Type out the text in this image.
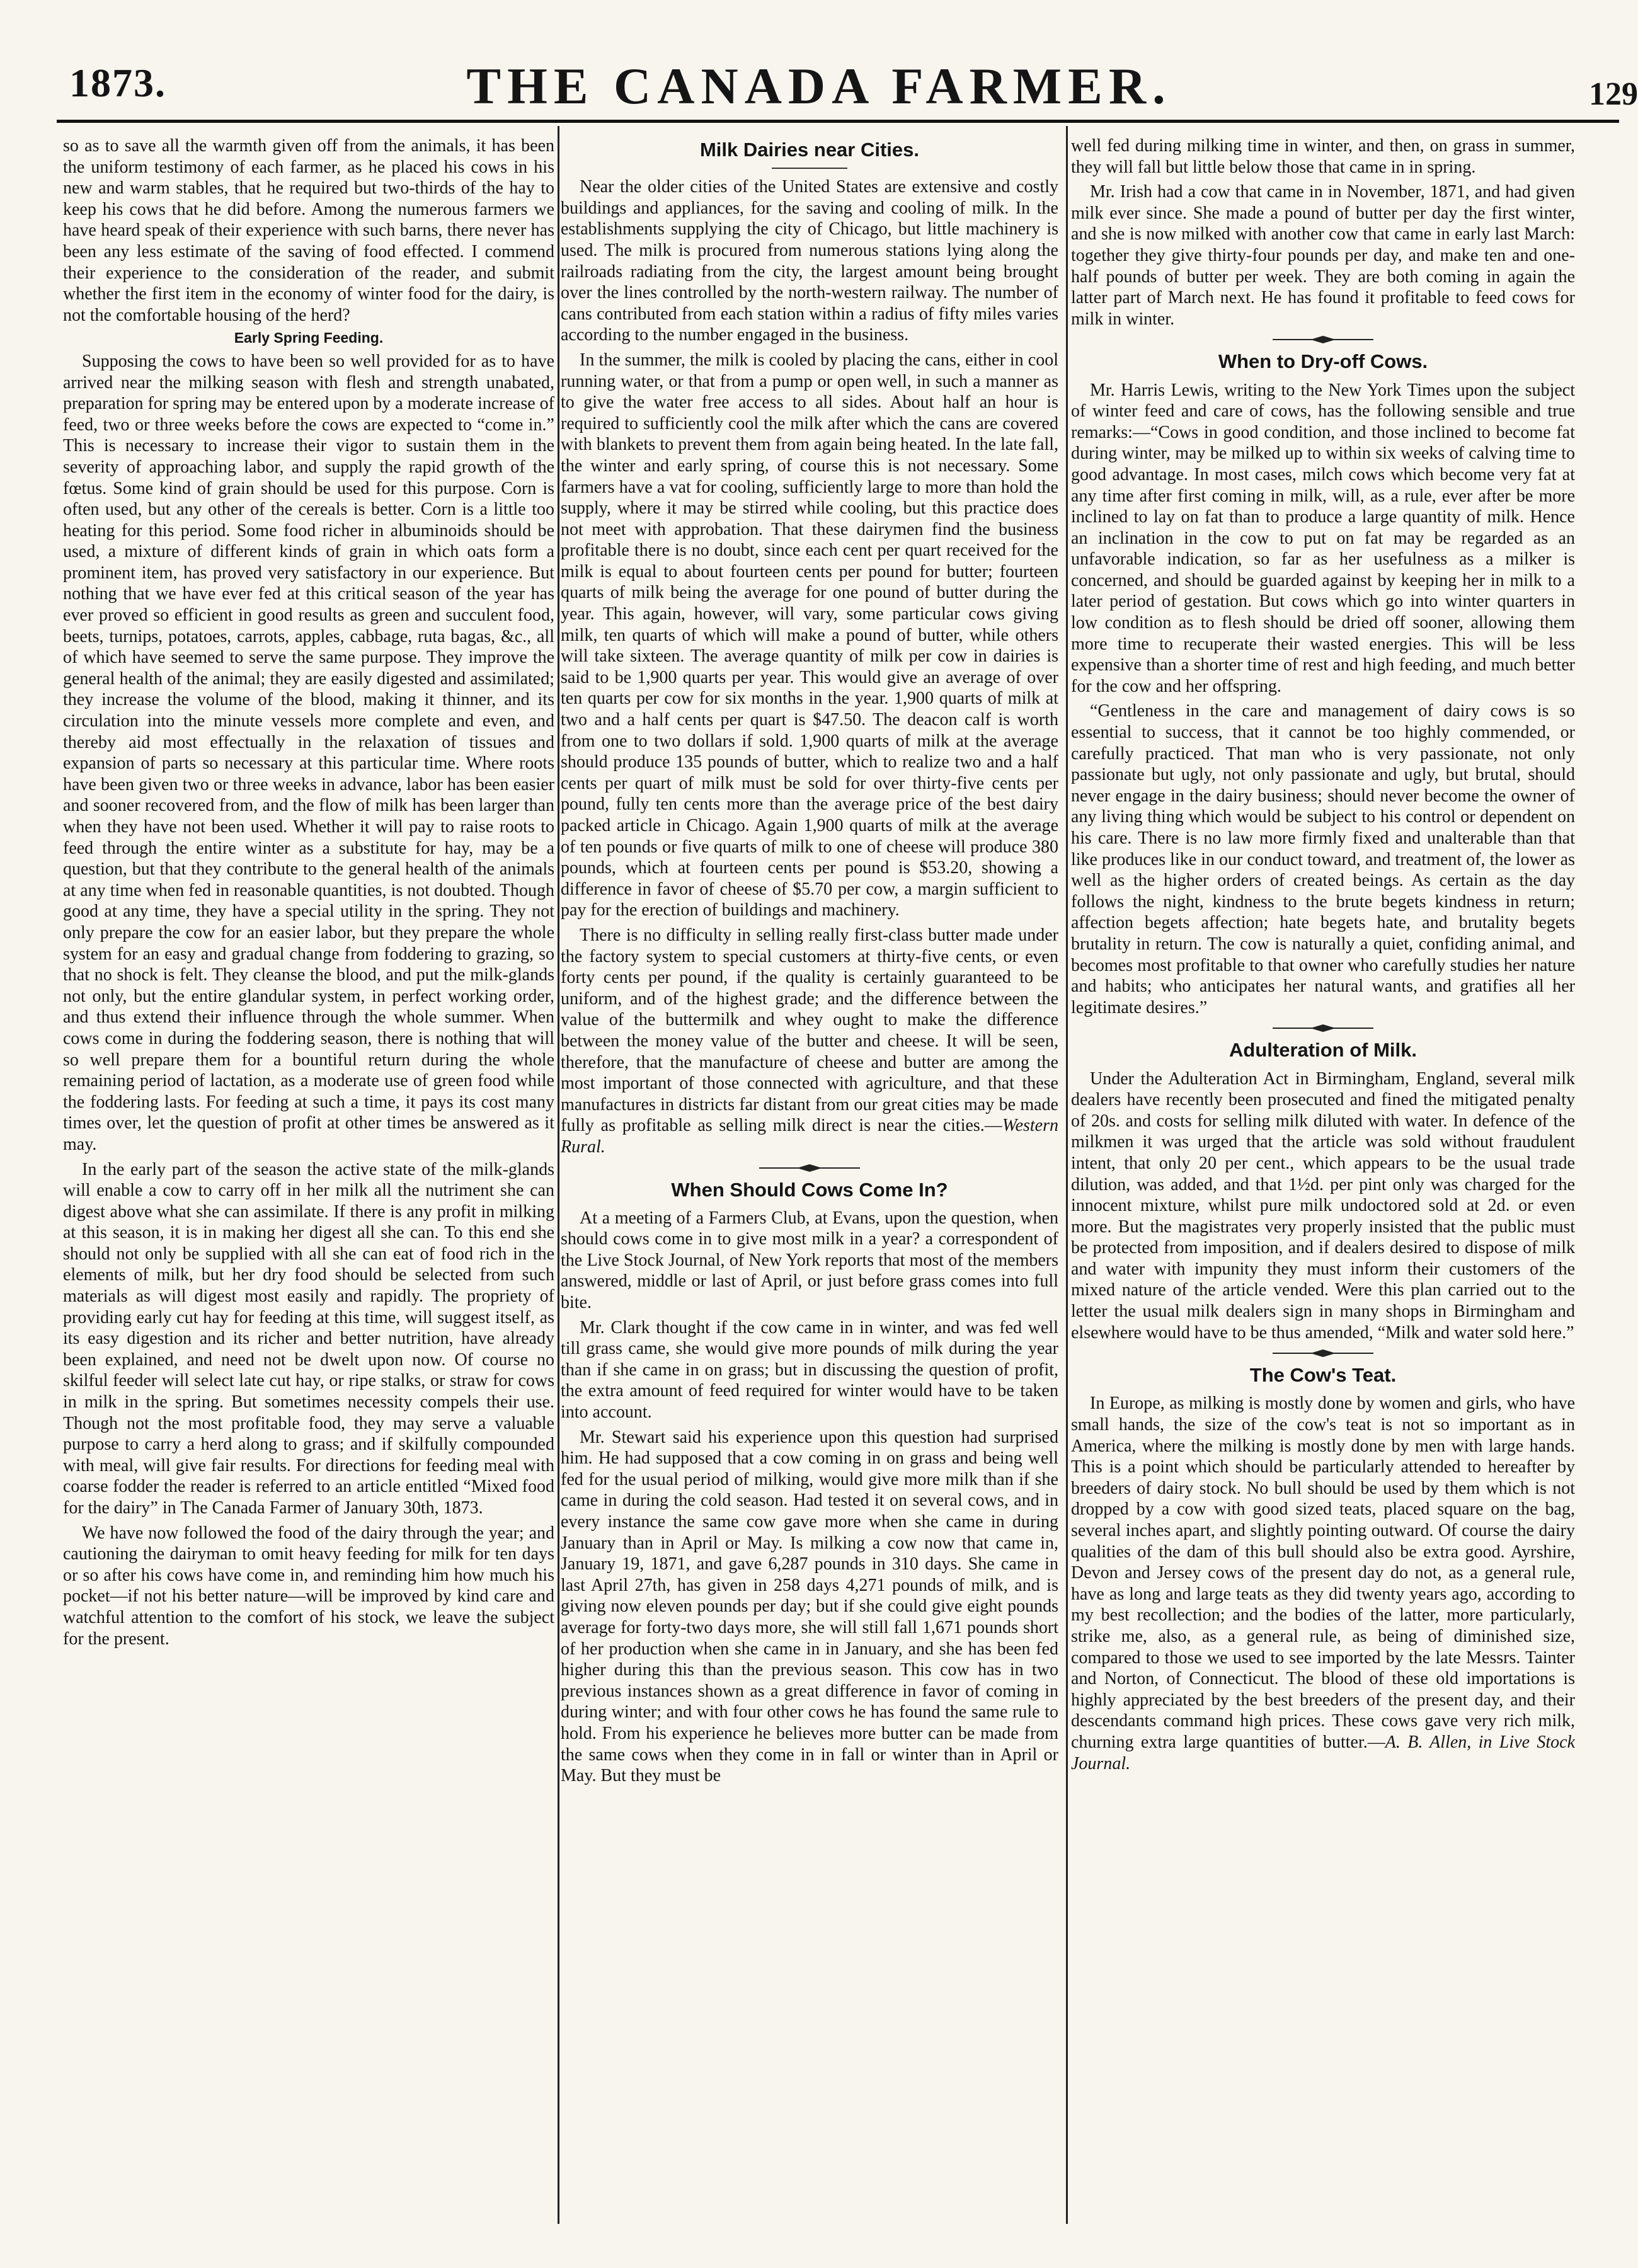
1873.	THE CANADA FARMER.	129

so as to save all the warmth given off from the animals, it has been the uniform testimony of each farmer, as he placed his cows in his new and warm stables, that he required but two-thirds of the hay to keep his cows that he did before. Among the numerous farmers we have heard speak of their experience with such barns, there never has been any less estimate of the saving of food effected. I commend their experience to the consideration of the reader, and submit whether the first item in the economy of winter food for the dairy, is not the comfortable housing of the herd?

Early Spring Feeding.

Supposing the cows to have been so well provided for as to have arrived near the milking season with flesh and strength unabated, preparation for spring may be entered upon by a moderate increase of feed, two or three weeks before the cows are expected to “come in.” This is necessary to increase their vigor to sustain them in the severity of approaching labor, and supply the rapid growth of the fœtus. Some kind of grain should be used for this purpose. Corn is often used, but any other of the cereals is better. Corn is a little too heating for this period. Some food richer in albuminoids should be used, a mixture of different kinds of grain in which oats form a prominent item, has proved very satisfactory in our experience. But nothing that we have ever fed at this critical season of the year has ever proved so efficient in good results as green and succulent food, beets, turnips, potatoes, carrots, apples, cabbage, ruta bagas, &c., all of which have seemed to serve the same purpose. They improve the general health of the animal; they are easily digested and assimilated; they increase the volume of the blood, making it thinner, and its circulation into the minute vessels more complete and even, and thereby aid most effectually in the relaxation of tissues and expansion of parts so necessary at this particular time. Where roots have been given two or three weeks in advance, labor has been easier and sooner recovered from, and the flow of milk has been larger than when they have not been used. Whether it will pay to raise roots to feed through the entire winter as a substitute for hay, may be a question, but that they contribute to the general health of the animals at any time when fed in reasonable quantities, is not doubted. Though good at any time, they have a special utility in the spring. They not only prepare the cow for an easier labor, but they prepare the whole system for an easy and gradual change from foddering to grazing, so that no shock is felt. They cleanse the blood, and put the milk-glands not only, but the entire glandular system, in perfect working order, and thus extend their influence through the whole summer. When cows come in during the foddering season, there is nothing that will so well prepare them for a bountiful return during the whole remaining period of lactation, as a moderate use of green food while the foddering lasts. For feeding at such a time, it pays its cost many times over, let the question of profit at other times be answered as it may.

In the early part of the season the active state of the milk-glands will enable a cow to carry off in her milk all the nutriment she can digest above what she can assimilate. If there is any profit in milking at this season, it is in making her digest all she can. To this end she should not only be supplied with all she can eat of food rich in the elements of milk, but her dry food should be selected from such materials as will digest most easily and rapidly. The propriety of providing early cut hay for feeding at this time, will suggest itself, as its easy digestion and its richer and better nutrition, have already been explained, and need not be dwelt upon now. Of course no skilful feeder will select late cut hay, or ripe stalks, or straw for cows in milk in the spring. But sometimes necessity compels their use. Though not the most profitable food, they may serve a valuable purpose to carry a herd along to grass; and if skilfully compounded with meal, will give fair results. For directions for feeding meal with coarse fodder the reader is referred to an article entitled “Mixed food for the dairy” in The Canada Farmer of January 30th, 1873.

We have now followed the food of the dairy through the year; and cautioning the dairyman to omit heavy feeding for milk for ten days or so after his cows have come in, and reminding him how much his pocket—if not his better nature—will be improved by kind care and watchful attention to the comfort of his stock, we leave the subject for the present.

Milk Dairies near Cities.

Near the older cities of the United States are extensive and costly buildings and appliances, for the saving and cooling of milk. In the establishments supplying the city of Chicago, but little machinery is used. The milk is procured from numerous stations lying along the railroads radiating from the city, the largest amount being brought over the lines controlled by the north-western railway. The number of cans contributed from each station within a radius of fifty miles varies according to the number engaged in the business.

In the summer, the milk is cooled by placing the cans, either in cool running water, or that from a pump or open well, in such a manner as to give the water free access to all sides. About half an hour is required to sufficiently cool the milk after which the cans are covered with blankets to prevent them from again being heated. In the late fall, the winter and early spring, of course this is not necessary. Some farmers have a vat for cooling, sufficiently large to more than hold the supply, where it may be stirred while cooling, but this practice does not meet with approbation. That these dairymen find the business profitable there is no doubt, since each cent per quart received for the milk is equal to about fourteen cents per pound for butter; fourteen quarts of milk being the average for one pound of butter during the year. This again, however, will vary, some particular cows giving milk, ten quarts of which will make a pound of butter, while others will take sixteen. The average quantity of milk per cow in dairies is said to be 1,900 quarts per year. This would give an average of over ten quarts per cow for six months in the year. 1,900 quarts of milk at two and a half cents per quart is $47.50. The deacon calf is worth from one to two dollars if sold. 1,900 quarts of milk at the average should produce 135 pounds of butter, which to realize two and a half cents per quart of milk must be sold for over thirty-five cents per pound, fully ten cents more than the average price of the best dairy packed article in Chicago. Again 1,900 quarts of milk at the average of ten pounds or five quarts of milk to one of cheese will produce 380 pounds, which at fourteen cents per pound is $53.20, showing a difference in favor of cheese of $5.70 per cow, a margin sufficient to pay for the erection of buildings and machinery.

There is no difficulty in selling really first-class butter made under the factory system to special customers at thirty-five cents, or even forty cents per pound, if the quality is certainly guaranteed to be uniform, and of the highest grade; and the difference between the value of the buttermilk and whey ought to make the difference between the money value of the butter and cheese. It will be seen, therefore, that the manufacture of cheese and butter are among the most important of those connected with agriculture, and that these manufactures in districts far distant from our great cities may be made fully as profitable as selling milk direct is near the cities.—Western Rural.

When Should Cows Come In?

At a meeting of a Farmers Club, at Evans, upon the question, when should cows come in to give most milk in a year? a correspondent of the Live Stock Journal, of New York reports that most of the members answered, middle or last of April, or just before grass comes into full bite.

Mr. Clark thought if the cow came in in winter, and was fed well till grass came, she would give more pounds of milk during the year than if she came in on grass; but in discussing the question of profit, the extra amount of feed required for winter would have to be taken into account.

Mr. Stewart said his experience upon this question had surprised him. He had supposed that a cow coming in on grass and being well fed for the usual period of milking, would give more milk than if she came in during the cold season. Had tested it on several cows, and in every instance the same cow gave more when she came in during January than in April or May. Is milking a cow now that came in, January 19, 1871, and gave 6,287 pounds in 310 days. She came in last April 27th, has given in 258 days 4,271 pounds of milk, and is giving now eleven pounds per day; but if she could give eight pounds average for forty-two days more, she will still fall 1,671 pounds short of her production when she came in in January, and she has been fed higher during this than the previous season. This cow has in two previous instances shown as a great difference in favor of coming in during winter; and with four other cows he has found the same rule to hold. From his experience he believes more butter can be made from the same cows when they come in in fall or winter than in April or May. But they must be

well fed during milking time in winter, and then, on grass in summer, they will fall but little below those that came in in spring.

Mr. Irish had a cow that came in in November, 1871, and had given milk ever since. She made a pound of butter per day the first winter, and she is now milked with another cow that came in early last March: together they give thirty-four pounds per day, and make ten and one-half pounds of butter per week. They are both coming in again the latter part of March next. He has found it profitable to feed cows for milk in winter.

When to Dry-off Cows.

Mr. Harris Lewis, writing to the New York Times upon the subject of winter feed and care of cows, has the following sensible and true remarks:—“Cows in good condition, and those inclined to become fat during winter, may be milked up to within six weeks of calving time to good advantage. In most cases, milch cows which become very fat at any time after first coming in milk, will, as a rule, ever after be more inclined to lay on fat than to produce a large quantity of milk. Hence an inclination in the cow to put on fat may be regarded as an unfavorable indication, so far as her usefulness as a milker is concerned, and should be guarded against by keeping her in milk to a later period of gestation. But cows which go into winter quarters in low condition as to flesh should be dried off sooner, allowing them more time to recuperate their wasted energies. This will be less expensive than a shorter time of rest and high feeding, and much better for the cow and her offspring.

“Gentleness in the care and management of dairy cows is so essential to success, that it cannot be too highly commended, or carefully practiced. That man who is very passionate, not only passionate but ugly, not only passionate and ugly, but brutal, should never engage in the dairy business; should never become the owner of any living thing which would be subject to his control or dependent on his care. There is no law more firmly fixed and unalterable than that like produces like in our conduct toward, and treatment of, the lower as well as the higher orders of created beings. As certain as the day follows the night, kindness to the brute begets kindness in return; affection begets affection; hate begets hate, and brutality begets brutality in return. The cow is naturally a quiet, confiding animal, and becomes most profitable to that owner who carefully studies her nature and habits; who anticipates her natural wants, and gratifies all her legitimate desires.”

Adulteration of Milk.

Under the Adulteration Act in Birmingham, England, several milk dealers have recently been prosecuted and fined the mitigated penalty of 20s. and costs for selling milk diluted with water. In defence of the milkmen it was urged that the article was sold without fraudulent intent, that only 20 per cent., which appears to be the usual trade dilution, was added, and that 1½d. per pint only was charged for the innocent mixture, whilst pure milk undoctored sold at 2d. or even more. But the magistrates very properly insisted that the public must be protected from imposition, and if dealers desired to dispose of milk and water with impunity they must inform their customers of the mixed nature of the article vended. Were this plan carried out to the letter the usual milk dealers sign in many shops in Birmingham and elsewhere would have to be thus amended, “Milk and water sold here.”

The Cow's Teat.

In Europe, as milking is mostly done by women and girls, who have small hands, the size of the cow's teat is not so important as in America, where the milking is mostly done by men with large hands. This is a point which should be particularly attended to hereafter by breeders of dairy stock. No bull should be used by them which is not dropped by a cow with good sized teats, placed square on the bag, several inches apart, and slightly pointing outward. Of course the dairy qualities of the dam of this bull should also be extra good. Ayrshire, Devon and Jersey cows of the present day do not, as a general rule, have as long and large teats as they did twenty years ago, according to my best recollection; and the bodies of the latter, more particularly, strike me, also, as a general rule, as being of diminished size, compared to those we used to see imported by the late Messrs. Tainter and Norton, of Connecticut. The blood of these old importations is highly appreciated by the best breeders of the present day, and their descendants command high prices. These cows gave very rich milk, churning extra large quantities of butter.—A. B. Allen, in Live Stock Journal.
